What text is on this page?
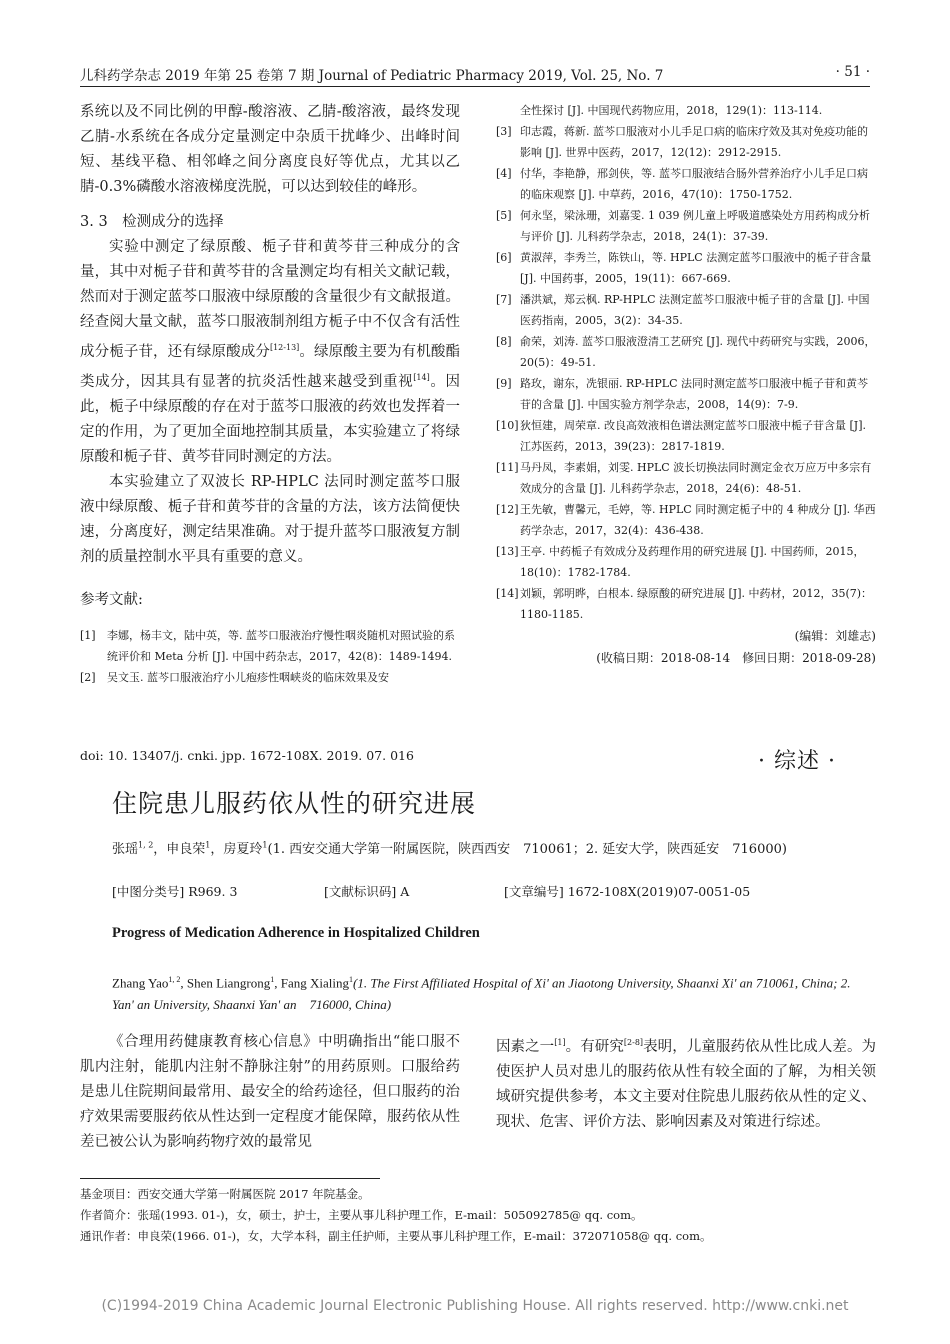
儿科药学杂志 2019 年第 25 卷第 7 期 Journal of Pediatric Pharmacy 2019, Vol. 25, No. 7	· 51 ·

系统以及不同比例的甲醇-酸溶液、乙腈-酸溶液，最终发现乙腈-水系统在各成分定量测定中杂质干扰峰少、出峰时间短、基线平稳、相邻峰之间分离度良好等优点，尤其以乙腈-0.3%磷酸水溶液梯度洗脱，可以达到较佳的峰形。

3. 3　检测成分的选择

实验中测定了绿原酸、栀子苷和黄芩苷三种成分的含量，其中对栀子苷和黄芩苷的含量测定均有相关文献记载，然而对于测定蓝芩口服液中绿原酸的含量很少有文献报道。经查阅大量文献，蓝芩口服液制剂组方栀子中不仅含有活性成分栀子苷，还有绿原酸成分[12-13]。绿原酸主要为有机酸酯类成分，因其具有显著的抗炎活性越来越受到重视[14]。因此，栀子中绿原酸的存在对于蓝芩口服液的药效也发挥着一定的作用，为了更加全面地控制其质量，本实验建立了将绿原酸和栀子苷、黄芩苷同时测定的方法。

本实验建立了双波长 RP-HPLC 法同时测定蓝芩口服液中绿原酸、栀子苷和黄芩苷的含量的方法，该方法简便快速，分离度好，测定结果准确。对于提升蓝芩口服液复方制剂的质量控制水平具有重要的意义。

参考文献:

[1] 李娜，杨丰文，陆中英，等. 蓝芩口服液治疗慢性咽炎随机对照试验的系统评价和 Meta 分析 [J]. 中国中药杂志，2017，42(8)：1489-1494.

[2] 吴文玉. 蓝芩口服液治疗小儿疱疹性咽峡炎的临床效果及安

全性探讨 [J]. 中国现代药物应用，2018，129(1)：113-114.

[3] 印志霞，蒋新. 蓝芩口服液对小儿手足口病的临床疗效及其对免疫功能的影响 [J]. 世界中医药，2017，12(12)：2912-2915.

[4] 付华，李艳静，邢剑侠，等. 蓝芩口服液结合肠外营养治疗小儿手足口病的临床观察 [J]. 中草药，2016，47(10)：1750-1752.

[5] 何永坚，梁泳珊，刘嘉雯. 1 039 例儿童上呼吸道感染处方用药构成分析与评价 [J]. 儿科药学杂志，2018，24(1)：37-39.

[6] 黄淑萍，李秀兰，陈铁山，等. HPLC 法测定蓝芩口服液中的栀子苷含量 [J]. 中国药事，2005，19(11)：667-669.

[7] 潘洪斌，郑云枫. RP-HPLC 法测定蓝芩口服液中栀子苷的含量 [J]. 中国医药指南，2005，3(2)：34-35.

[8] 俞荣，刘涛. 蓝芩口服液澄清工艺研究 [J]. 现代中药研究与实践，2006，20(5)：49-51.

[9] 路玫，谢东，冼银丽. RP-HPLC 法同时测定蓝芩口服液中栀子苷和黄芩苷的含量 [J]. 中国实验方剂学杂志，2008，14(9)：7-9.

[10] 狄恒建，周荣章. 改良高效液相色谱法测定蓝芩口服液中栀子苷含量 [J]. 江苏医药，2013，39(23)：2817-1819.

[11] 马丹凤，李素娟，刘雯. HPLC 波长切换法同时测定金衣万应万中多宗有效成分的含量 [J]. 儿科药学杂志，2018，24(6)：48-51.

[12] 王先敏，曹馨元，毛婷，等. HPLC 同时测定栀子中的 4 种成分 [J]. 华西药学杂志，2017，32(4)：436-438.

[13] 王亭. 中药栀子有效成分及药理作用的研究进展 [J]. 中国药师，2015，18(10)：1782-1784.

[14] 刘颖，郭明晔，白根本. 绿原酸的研究进展 [J]. 中药材，2012，35(7)：1180-1185.

(编辑：刘雄志)

(收稿日期：2018-08-14　修回日期：2018-09-28)

doi: 10. 13407/j. cnki. jpp. 1672-108X. 2019. 07. 016	· 综述 ·
住院患儿服药依从性的研究进展
张瑶$^{1, 2}$，申良荣$^1$，房夏玲$^1$(1. 西安交通大学第一附属医院，陕西西安　710061；2. 延安大学，陕西延安　716000)
[中图分类号] R969. 3	[文献标识码] A	[文章编号] 1672-108X(2019)07-0051-05
Progress of Medication Adherence in Hospitalized Children
Zhang Yao$^{1, 2}$, Shen Liangrong$^1$, Fang Xialing$^1$(1. The First Affiliated Hospital of Xi' an Jiaotong University, Shaanxi Xi' an 710061, China; 2. Yan' an University, Shaanxi Yan' an　716000, China)

《合理用药健康教育核心信息》中明确指出“能口服不肌内注射，能肌内注射不静脉注射”的用药原则。口服给药是患儿住院期间最常用、最安全的给药途径，但口服药的治疗效果需要服药依从性达到一定程度才能保障，服药依从性差已被公认为影响药物疗效的最常见

因素之一[1]。有研究[2-8]表明，儿童服药依从性比成人差。为使医护人员对患儿的服药依从性有较全面的了解，为相关领域研究提供参考，本文主要对住院患儿服药依从性的定义、现状、危害、评价方法、影响因素及对策进行综述。

基金项目：西安交通大学第一附属医院 2017 年院基金。

作者简介：张瑶(1993. 01-)，女，硕士，护士，主要从事儿科护理工作，E-mail：505092785@ qq. com。

通讯作者：申良荣(1966. 01-)，女，大学本科，副主任护师，主要从事儿科护理工作，E-mail：372071058@ qq. com。

(C)1994-2019 China Academic Journal Electronic Publishing House. All rights reserved. http://www.cnki.net
